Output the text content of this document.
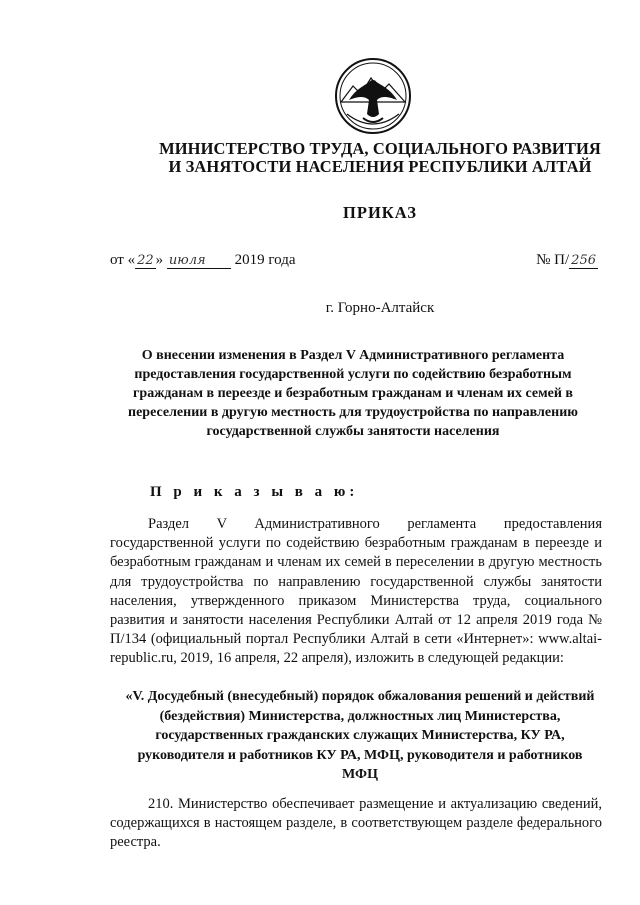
МИНИСТЕРСТВО ТРУДА, СОЦИАЛЬНОГО РАЗВИТИЯ
И ЗАНЯТОСТИ НАСЕЛЕНИЯ РЕСПУБЛИКИ АЛТАЙ
ПРИКАЗ
от « 22 » июля 2019 года	№ П/ 256
г. Горно-Алтайск
О внесении изменения в Раздел V Административного регламента предоставления государственной услуги по содействию безработным гражданам в переезде и безработным гражданам и членам их семей в переселении в другую местность для трудоустройства по направлению государственной службы занятости населения
П р и к а з ы в а ю:
Раздел V Административного регламента предоставления государственной услуги по содействию безработным гражданам в переезде и безработным гражданам и членам их семей в переселении в другую местность для трудоустройства по направлению государственной службы занятости населения, утвержденного приказом Министерства труда, социального развития и занятости населения Республики Алтай от 12 апреля 2019 года № П/134 (официальный портал Республики Алтай в сети «Интернет»: www.altai-republic.ru, 2019, 16 апреля, 22 апреля), изложить в следующей редакции:
«V. Досудебный (внесудебный) порядок обжалования решений и действий (бездействия) Министерства, должностных лиц Министерства, государственных гражданских служащих Министерства, КУ РА, руководителя и работников КУ РА, МФЦ, руководителя и работников МФЦ
210. Министерство обеспечивает размещение и актуализацию сведений, содержащихся в настоящем разделе, в соответствующем разделе федерального реестра.
